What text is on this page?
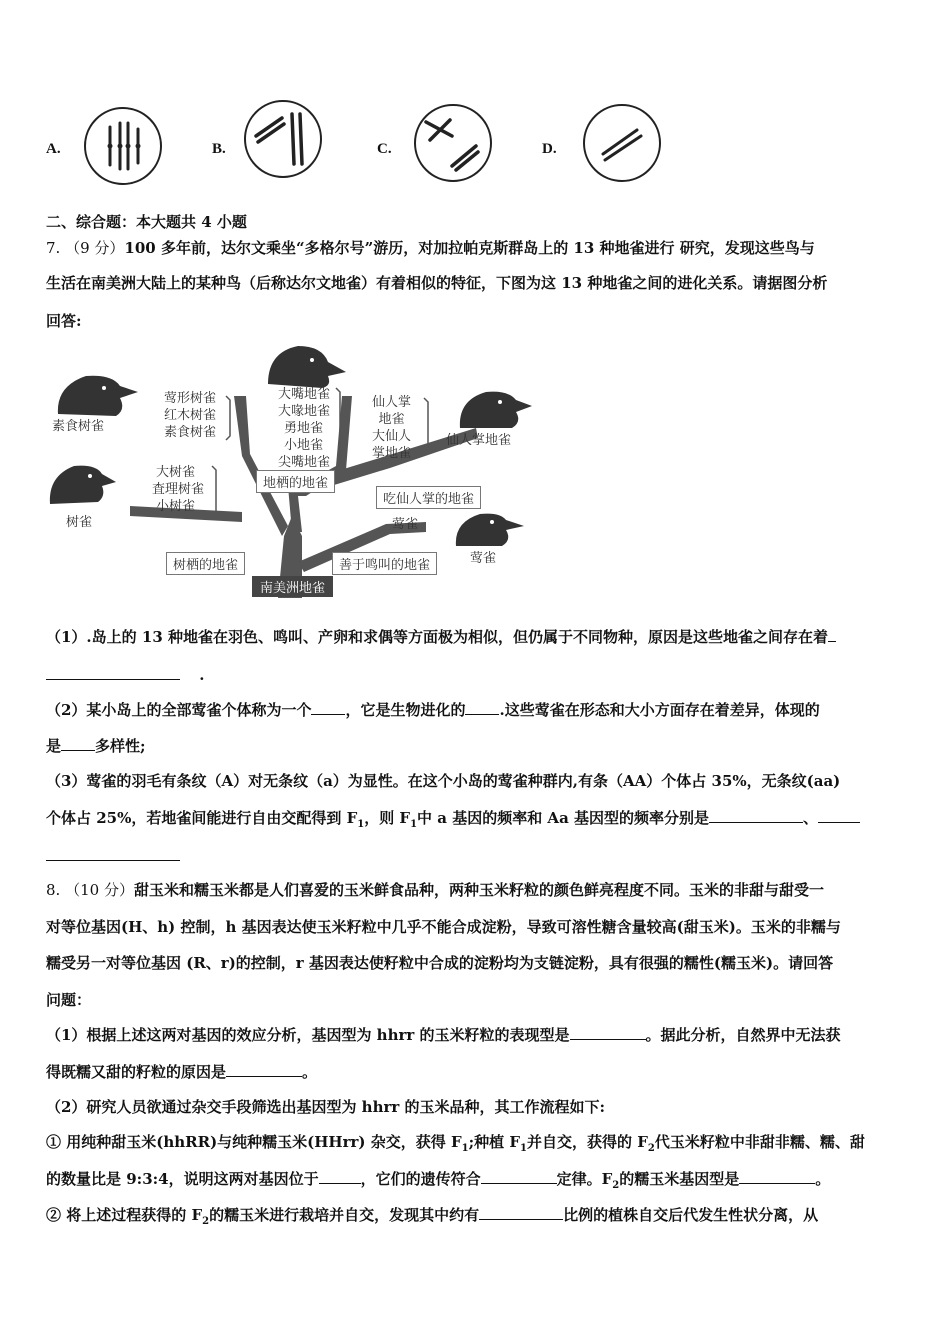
A.	B.	C.	D.
二、综合题：本大题共 4 小题
7. （9 分）100 多年前，达尔文乘坐“多格尔号”游历，对加拉帕克斯群岛上的 13 种地雀进行 研究，发现这些鸟与
生活在南美洲大陆上的某种鸟（后称达尔文地雀）有着相似的特征，下图为这 13 种地雀之间的进化关系。请据图分析
回答:
素食树雀
莺形树雀
红木树雀
素食树雀
大嘴地雀
大喙地雀
勇地雀
小地雀
尖嘴地雀
仙人掌
地雀
大仙人
掌地雀
仙人掌地雀
大树雀
査理树雀
小树雀
树雀	莺雀
莺雀
地栖的地雀
吃仙人掌的地雀
树栖的地雀	善于鸣叫的地雀
南美洲地雀
（1）.岛上的 13 种地雀在羽色、鸣叫、产卵和求偶等方面极为相似，但仍属于不同物种，原因是这些地雀之间存在着
.
（2）某小岛上的全部莺雀个体称为一个 ，它是生物进化的 .这些莺雀在形态和大小方面存在着差异，体现的
是 多样性;
（3）莺雀的羽毛有条纹（A）对无条纹（a）为显性。在这个小岛的莺雀种群内,有条（AA）个体占 35%，无条纹(aa)
个体占 25%，若地雀间能进行自由交配得到 $F_1$，则 $F_1$中 a 基因的频率和 Aa 基因型的频率分别是	、
8. （10 分）甜玉米和糯玉米都是人们喜爱的玉米鲜食品种，两种玉米籽粒的颜色鲜亮程度不同。玉米的非甜与甜受一
对等位基因(H、h) 控制，h 基因表达使玉米籽粒中几乎不能合成淀粉，导致可溶性糖含量较高(甜玉米)。玉米的非糯与
糯受另一对等位基因 (R、r)的控制，r 基因表达使籽粒中合成的淀粉均为支链淀粉，具有很强的糯性(糯玉米)。请回答
问题：
（1）根据上述这两对基因的效应分析，基因型为 hhrr 的玉米籽粒的表现型是	。据此分析，自然界中无法获
得既糯又甜的籽粒的原因是	。
（2）研究人员欲通过杂交手段筛选出基因型为 hhrr 的玉米品种，其工作流程如下:
① 用纯种甜玉米(hhRR)与纯种糯玉米(HHrr) 杂交，获得 $F_1$;种植 $F_1$并自交，获得的 $F_2$代玉米籽粒中非甜非糯、糯、甜
的数量比是 9:3:4，说明这两对基因位于	，它们的遗传符合	定律。$F_2$的糯玉米基因型是	。
② 将上述过程获得的 $F_2$的糯玉米进行栽培并自交，发现其中约有	比例的植株自交后代发生性状分离，从
